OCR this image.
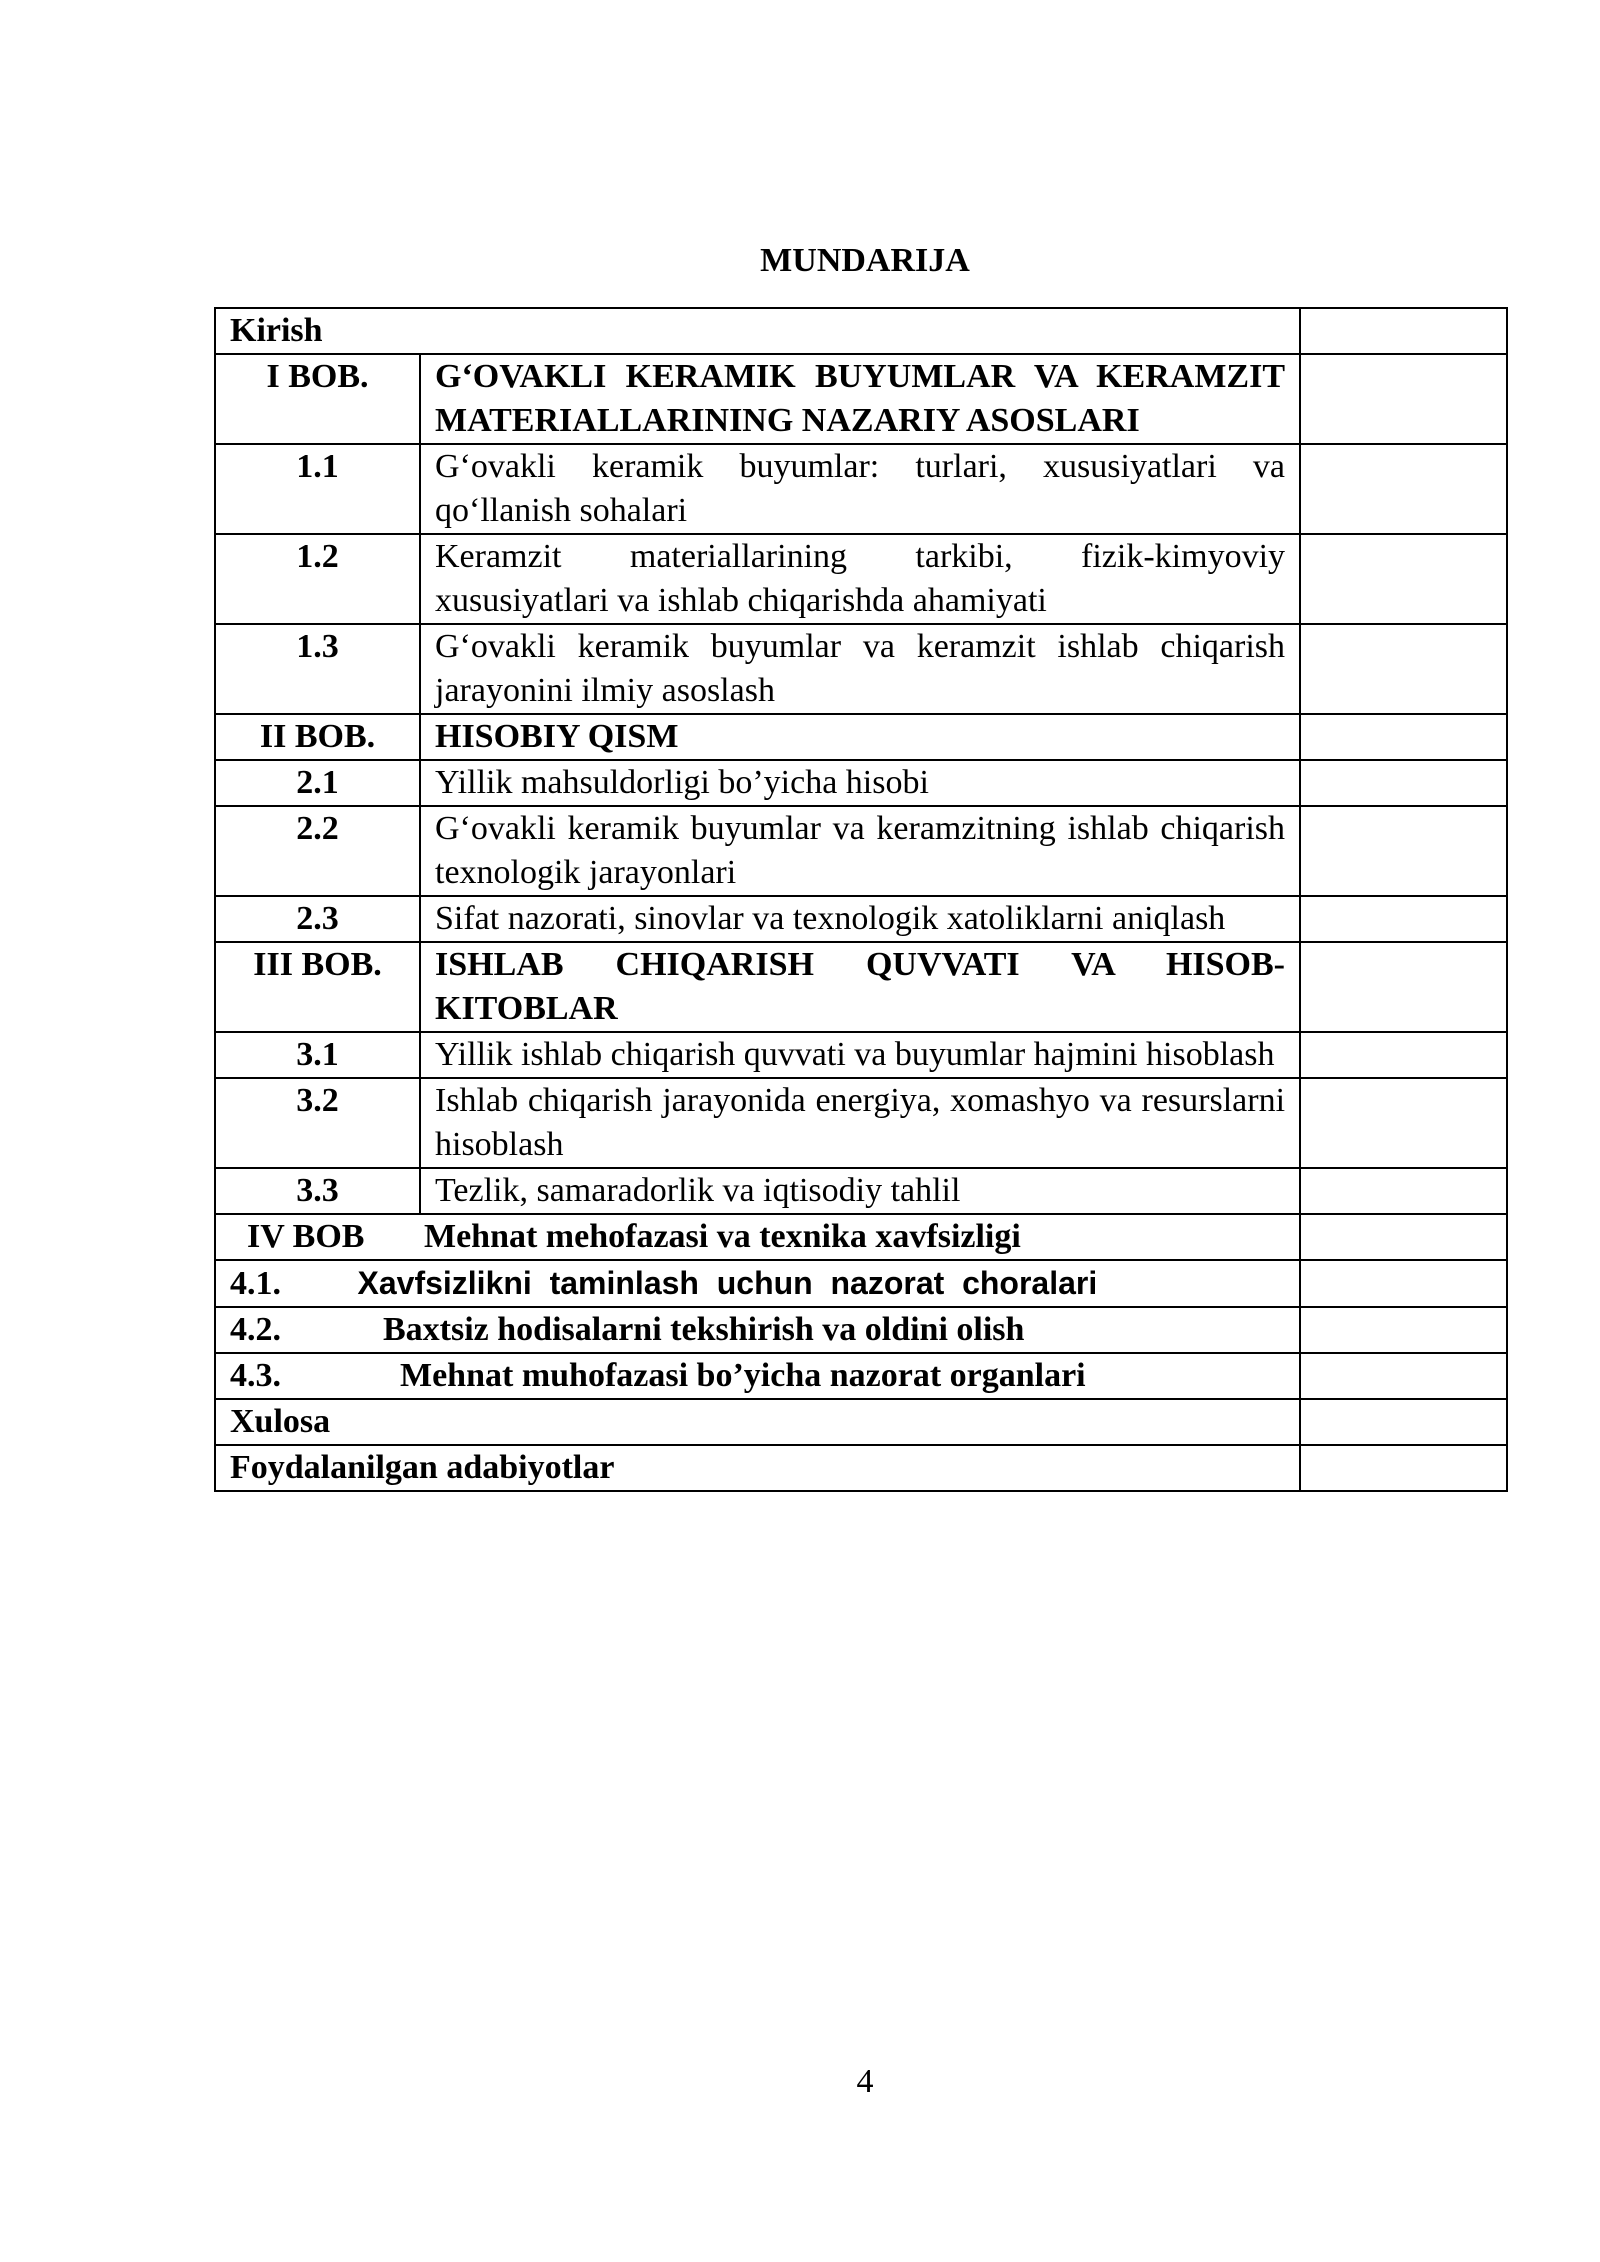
MUNDARIJA
Kirish		
I BOB.	G‘OVAKLI KERAMIK BUYUMLAR VA KERAMZIT MATERIALLARINING NAZARIY ASOSLARI	
1.1	G‘ovakli keramik buyumlar: turlari, xususiyatlari va qo‘llanish sohalari	
1.2	Keramzit materiallarining tarkibi, fizik-kimyoviy xususiyatlari va ishlab chiqarishda ahamiyati	
1.3	G‘ovakli keramik buyumlar va keramzit ishlab chiqarish jarayonini ilmiy asoslash	
II BOB.	HISOBIY QISM	
2.1	Yillik mahsuldorligi bo’yicha hisobi	
2.2	G‘ovakli keramik buyumlar va keramzitning ishlab chiqarish texnologik jarayonlari	
2.3	Sifat nazorati, sinovlar va texnologik xatoliklarni aniqlash	
III BOB.	ISHLAB CHIQARISH QUVVATI VA HISOB-KITOBLAR	
3.1	Yillik ishlab chiqarish quvvati va buyumlar hajmini hisoblash	
3.2	Ishlab chiqarish jarayonida energiya, xomashyo va resurslarni hisoblash	
3.3	Tezlik, samaradorlik va iqtisodiy tahlil	
IV BOB Mehnat mehofazasi va texnika xavfsizligi		
4.1. Xavfsizlikni  taminlash  uchun  nazorat  choralari		
4.2. Baxtsiz hodisalarni tekshirish va oldini olish		
4.3. Mehnat muhofazasi bo’yicha nazorat organlari		
Xulosa		
Foydalanilgan adabiyotlar		
4
